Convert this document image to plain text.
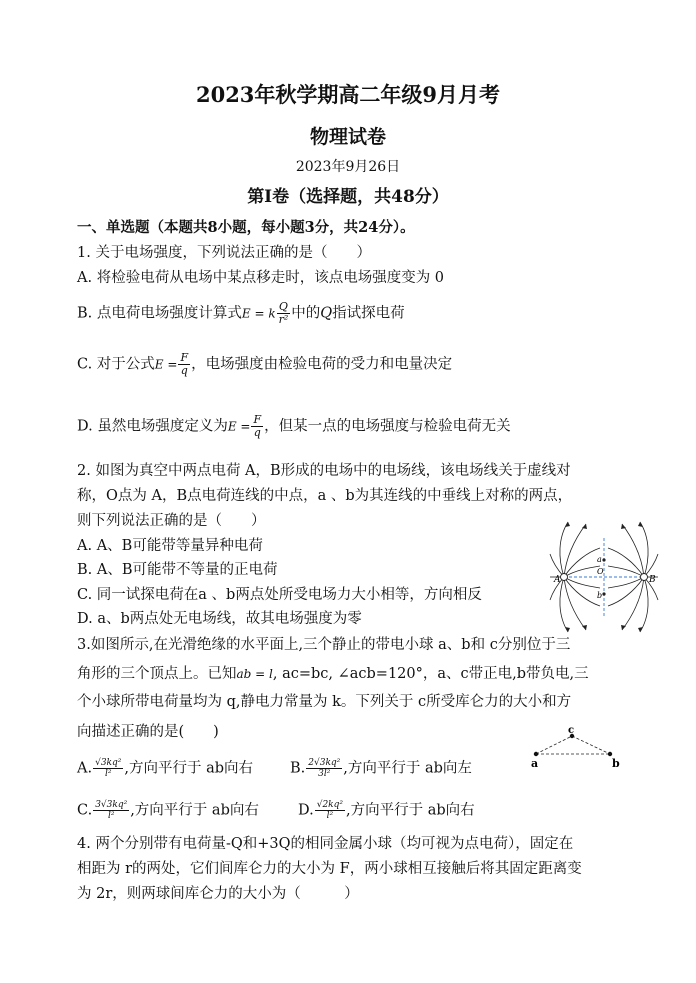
2023年秋学期高二年级9月月考
物理试卷
2023年9月26日
第Ⅰ卷（选择题，共48分）
一、单选题（本题共8小题，每小题3分，共24分）。
1. 关于电场强度，下列说法正确的是（　　）
A. 将检验电荷从电场中某点移走时，该点电场强度变为 0
B. 点电荷电场强度计算式E = k $\frac{Q}{\text{r²}}$ 中的Q指试探电荷
C. 对于公式$E = \frac{F}{q}$ ，电场强度由检验电荷的受力和电量决定
D. 虽然电场强度定义为$E = \frac{F}{q}$ ，但某一点的电场强度与检验电荷无关
2. 如图为真空中两点电荷 A，B形成的电场中的电场线，该电场线关于虚线对
称，O点为 A，B点电荷连线的中点，a 、b为其连线的中垂线上对称的两点，
则下列说法正确的是（　　）
A. A、B可能带等量异种电荷
B. A、B可能带不等量的正电荷
C. 同一试探电荷在a 、b两点处所受电场力大小相等，方向相反
D. a、b两点处无电场线，故其电场强度为零
A	B
a
O
b
3.如图所示,在光滑绝缘的水平面上,三个静止的带电小球 a、b和 c分别位于三
角形的三个顶点上。已知ab = l, ac=bc, ∠acb=120°，a、c带正电,b带负电,三
个小球所带电荷量均为 q,静电力常量为 k。下列关于 c所受库仑力的大小和方
向描述正确的是(　　)
A. $\frac{\text{√3kq²}}{\text{l²}}$ ,方向平行于 ab向右	B. $\frac{\text{2√3kq²}}{\text{3l²}}$ ,方向平行于 ab向左
C. $\frac{\text{3√3kq²}}{\text{l²}}$ ,方向平行于 ab向右	D. $\frac{\text{√2kq²}}{\text{l²}}$ ,方向平行于 ab向右
a	b
c
4. 两个分别带有电荷量-Q和+3Q的相同金属小球（均可视为点电荷），固定在
相距为 r的两处，它们间库仑力的大小为 F，两小球相互接触后将其固定距离变
为 2r，则两球间库仑力的大小为（　　　）
